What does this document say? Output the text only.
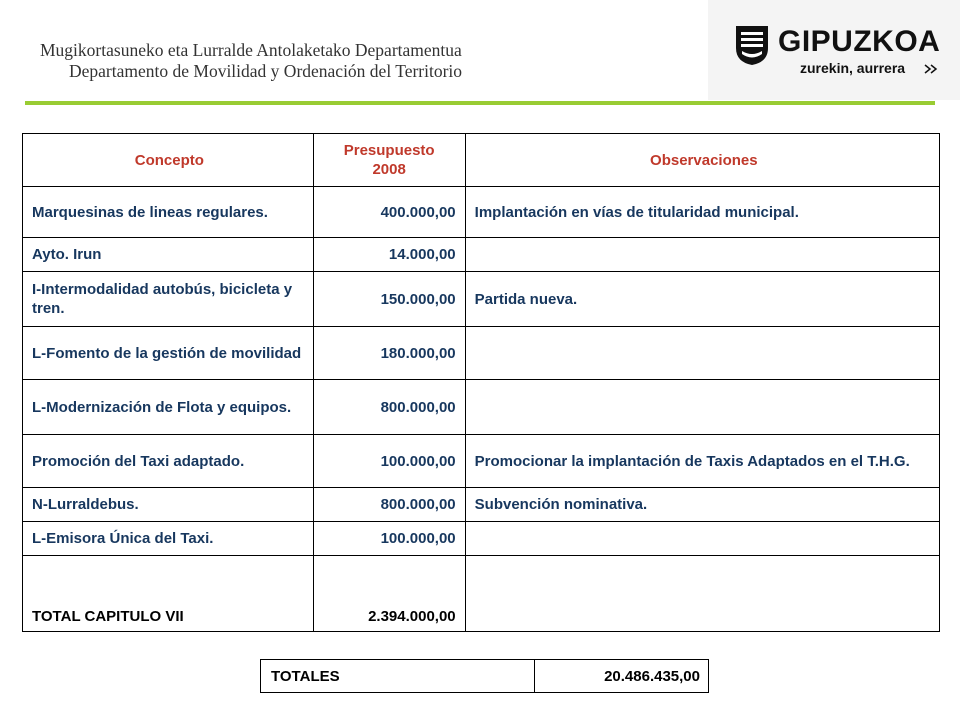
Mugikortasuneko eta Lurralde Antolaketako Departamentua
Departamento de Movilidad y Ordenación del Territorio
GIPUZKOA
zurekin, aurrera
Concepto	Presupuesto 2008	Observaciones
Marquesinas de lineas regulares.	400.000,00	Implantación en vías de titularidad municipal.
Ayto. Irun	14.000,00	
I-Intermodalidad autobús, bicicleta y tren.	150.000,00	Partida nueva.
L-Fomento de la gestión de movilidad	180.000,00	
L-Modernización de Flota y equipos.	800.000,00	
Promoción del Taxi adaptado.	100.000,00	Promocionar la implantación de Taxis Adaptados en el T.H.G.
N-Lurraldebus.	800.000,00	Subvención nominativa.
L-Emisora Única del Taxi.	100.000,00	
TOTAL CAPITULO VII	2.394.000,00	
TOTALES	20.486.435,00
